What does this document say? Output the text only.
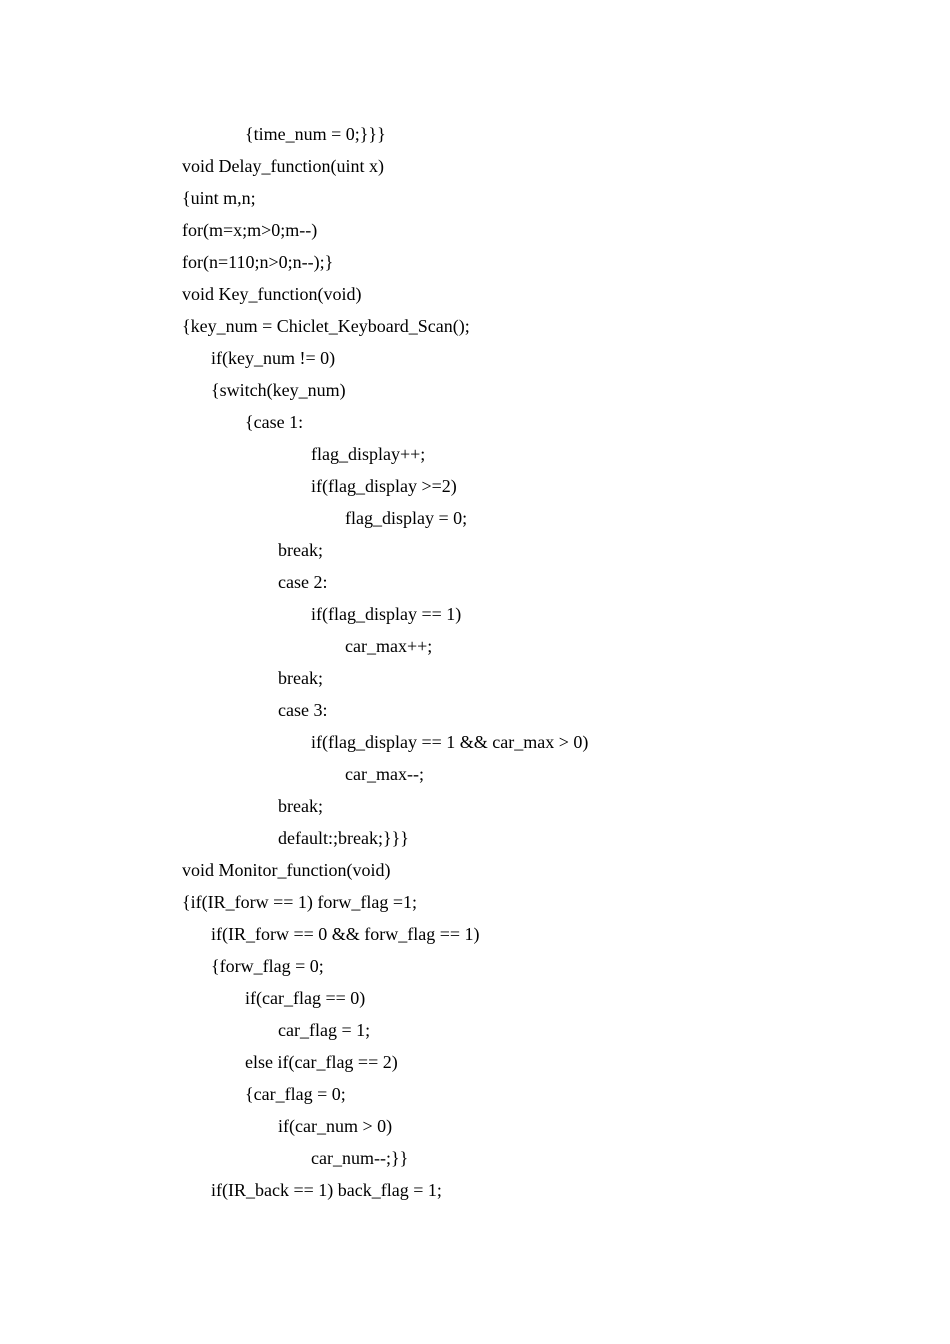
{time_num = 0;}}}
void Delay_function(uint x)
{uint m,n;
for(m=x;m>0;m--)
for(n=110;n>0;n--);}
void Key_function(void)
{key_num = Chiclet_Keyboard_Scan();
if(key_num != 0)
{switch(key_num)
{case 1:
flag_display++;
if(flag_display >=2)
flag_display = 0;
break;
case 2:
if(flag_display == 1)
car_max++;
break;
case 3:
if(flag_display == 1 && car_max > 0)
car_max--;
break;
default:;break;}}}
void Monitor_function(void)
{if(IR_forw == 1) forw_flag =1;
if(IR_forw == 0 && forw_flag == 1)
{forw_flag = 0;
if(car_flag == 0)
car_flag = 1;
else if(car_flag == 2)
{car_flag = 0;
if(car_num > 0)
car_num--;}}
if(IR_back == 1) back_flag = 1;
